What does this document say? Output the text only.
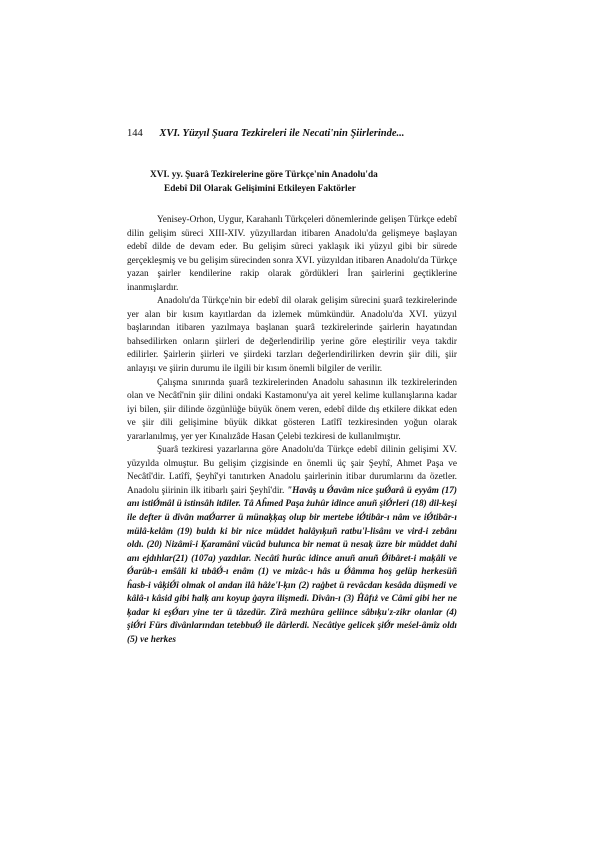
144 XVI. Yüzyıl Şuara Tezkireleri ile Necati'nin Şiirlerinde...
XVI. yy. Şuarâ Tezkirelerine göre Türkçe'nin Anadolu'da
Edebî Dil Olarak Gelişimini Etkileyen Faktörler

Yenisey-Orhon, Uygur, Karahanlı Türkçeleri dönemlerinde gelişen Türkçe edebî dilin gelişim süreci XIII-XIV. yüzyıllardan itibaren Anadolu'da gelişmeye başlayan edebî dilde de devam eder. Bu gelişim süreci yaklaşık iki yüzyıl gibi bir sürede gerçekleşmiş ve bu gelişim sürecinden sonra XVI. yüzyıldan itibaren Anadolu'da Türkçe yazan şairler kendilerine rakip olarak gördükleri İran şairlerini geçtiklerine inanmışlardır.

Anadolu'da Türkçe'nin bir edebî dil olarak gelişim sürecini şuarâ tezkirelerinde yer alan bir kısım kayıtlardan da izlemek mümkündür. Anadolu'da XVI. yüzyıl başlarından itibaren yazılmaya başlanan şuarâ tezkirelerinde şairlerin hayatından bahsedilirken onların şiirleri de değerlendirilip yerine göre eleştirilir veya takdir edilirler. Şairlerin şiirleri ve şiirdeki tarzları değerlendirilirken devrin şiir dili, şiir anlayışı ve şiirin durumu ile ilgili bir kısım önemli bilgiler de verilir.

Çalışma sınırında şuarâ tezkirelerinden Anadolu sahasının ilk tezkirelerinden olan ve Necâtî'nin şiir dilini ondaki Kastamonu'ya ait yerel kelime kullanışlarına kadar iyi bilen, şiir dilinde özgünlüğe büyük önem veren, edebî dilde dış etkilere dikkat eden ve şiir dili gelişimine büyük dikkat gösteren Latîfî tezkiresinden yoğun olarak yararlanılmış, yer yer Kınalızâde Hasan Çelebi tezkiresi de kullanılmıştır.

Şuarâ tezkiresi yazarlarına göre Anadolu'da Türkçe edebî dilinin gelişimi XV. yüzyılda olmuştur. Bu gelişim çizgisinde en önemli üç şair Şeyhî, Ahmet Paşa ve Necâtî'dir. Latîfî, Şeyhî'yi tanıtırken Anadolu şairlerinin itibar durumlarını da özetler. Anadolu şiirinin ilk itibarlı şairi Şeyhî'dir. "Havâş u Ǿavâm nice şuǾarâ ü eyyâm (17) anı istiǾmâl ü istinsâh itdiler. Tâ Aĥmed Paşa żuhûr idince anuñ şiǾrleri (18) dil-keşi ile defter ü dîvân maǾarrer ü münaķķaş olup bir mertebe iǾtibâr-ı nâm ve iǾtibâr-ı mülâ-kelâm (19) buldı ki bir nice müddet ħalâyıķuñ ratbu'l-lisânı ve vird-i zebânı oldı. (20) Nizâmî-i Ķaramânî vücûd bulunca bir nemat ü nesaķ üzre bir müddet daħi anı ejdıhlar(21) (107a) yazdılar. Necâtî ħurûc idince anuñ anuñ Ǿibâret-i maķâli ve Ǿarûb-ı emŝâli ki ŧıbâǾ-ı enâm (1) ve mizâc-ı hâs u Ǿâmma ħoş gelüp herkesüñ ĥasb-i vâķiǾî olmak ol andan ilâ hâże'l-ķın (2) raġbet ü revâcdan kesâda düşmedi ve kâlâ-ı kâsid gibi ħalķ anı koyup ġayra ilişmedi. Dîvân-ı (3) Ĥâfıż ve Câmî gibi her ne ķadar ki eşǾarı yine ter ü tâzedür. Zîrâ mezhûra geliince sâbıķu'z-zikr olanlar (4) şiǾri Fürs dîvânlarından tetebbuǾ ile dârlerdi. Necâtiye gelicek şiǾr meśel-âmîz oldı (5) ve herkes
